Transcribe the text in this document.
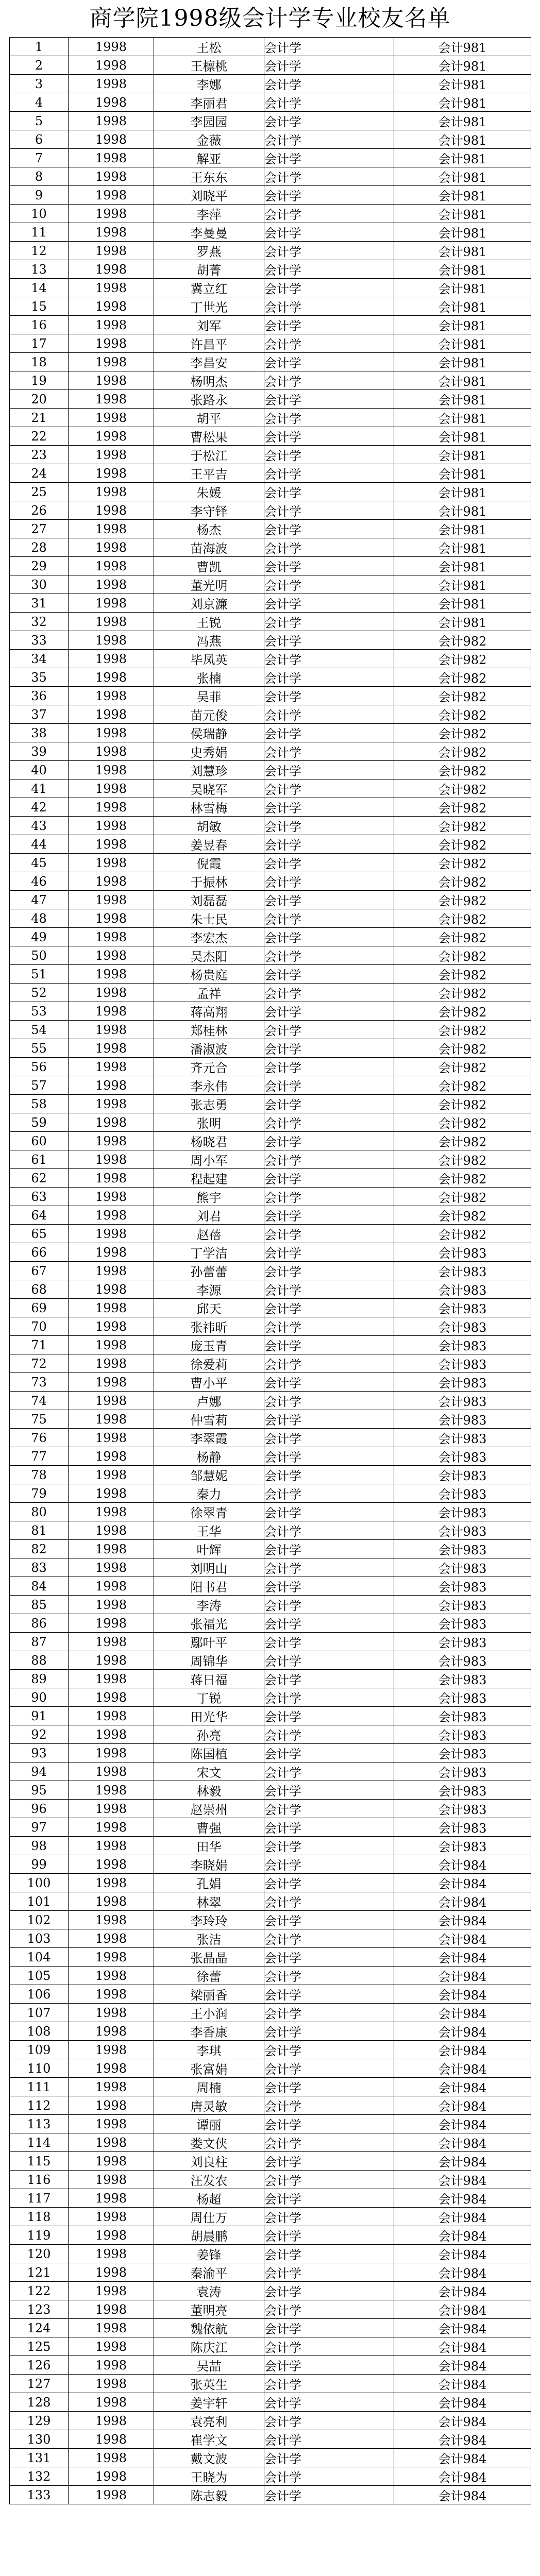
商学院1998级会计学专业校友名单
1	1998	王松	会计学	会计981
2	1998	王檩桃	会计学	会计981
3	1998	李娜	会计学	会计981
4	1998	李丽君	会计学	会计981
5	1998	李园园	会计学	会计981
6	1998	金薇	会计学	会计981
7	1998	解亚	会计学	会计981
8	1998	王东东	会计学	会计981
9	1998	刘晓平	会计学	会计981
10	1998	李萍	会计学	会计981
11	1998	李曼曼	会计学	会计981
12	1998	罗燕	会计学	会计981
13	1998	胡菁	会计学	会计981
14	1998	冀立红	会计学	会计981
15	1998	丁世光	会计学	会计981
16	1998	刘军	会计学	会计981
17	1998	许昌平	会计学	会计981
18	1998	李昌安	会计学	会计981
19	1998	杨明杰	会计学	会计981
20	1998	张路永	会计学	会计981
21	1998	胡平	会计学	会计981
22	1998	曹松果	会计学	会计981
23	1998	于松江	会计学	会计981
24	1998	王平吉	会计学	会计981
25	1998	朱媛	会计学	会计981
26	1998	李守铎	会计学	会计981
27	1998	杨杰	会计学	会计981
28	1998	苗海波	会计学	会计981
29	1998	曹凯	会计学	会计981
30	1998	董光明	会计学	会计981
31	1998	刘京濂	会计学	会计981
32	1998	王锐	会计学	会计981
33	1998	冯燕	会计学	会计982
34	1998	毕凤英	会计学	会计982
35	1998	张楠	会计学	会计982
36	1998	吴菲	会计学	会计982
37	1998	苗元俊	会计学	会计982
38	1998	侯瑞静	会计学	会计982
39	1998	史秀娟	会计学	会计982
40	1998	刘慧珍	会计学	会计982
41	1998	吴晓军	会计学	会计982
42	1998	林雪梅	会计学	会计982
43	1998	胡敏	会计学	会计982
44	1998	姜昱春	会计学	会计982
45	1998	倪霞	会计学	会计982
46	1998	于振林	会计学	会计982
47	1998	刘磊磊	会计学	会计982
48	1998	朱士民	会计学	会计982
49	1998	李宏杰	会计学	会计982
50	1998	吴杰阳	会计学	会计982
51	1998	杨贵庭	会计学	会计982
52	1998	孟祥	会计学	会计982
53	1998	蒋高翔	会计学	会计982
54	1998	郑桂林	会计学	会计982
55	1998	潘淑波	会计学	会计982
56	1998	齐元合	会计学	会计982
57	1998	李永伟	会计学	会计982
58	1998	张志勇	会计学	会计982
59	1998	张明	会计学	会计982
60	1998	杨晓君	会计学	会计982
61	1998	周小军	会计学	会计982
62	1998	程起建	会计学	会计982
63	1998	熊宇	会计学	会计982
64	1998	刘君	会计学	会计982
65	1998	赵蓓	会计学	会计982
66	1998	丁学洁	会计学	会计983
67	1998	孙蕾蕾	会计学	会计983
68	1998	李源	会计学	会计983
69	1998	邱天	会计学	会计983
70	1998	张祎昕	会计学	会计983
71	1998	庞玉青	会计学	会计983
72	1998	徐爱莉	会计学	会计983
73	1998	曹小平	会计学	会计983
74	1998	卢娜	会计学	会计983
75	1998	仲雪莉	会计学	会计983
76	1998	李翠霞	会计学	会计983
77	1998	杨静	会计学	会计983
78	1998	邹慧妮	会计学	会计983
79	1998	秦力	会计学	会计983
80	1998	徐翠青	会计学	会计983
81	1998	王华	会计学	会计983
82	1998	叶辉	会计学	会计983
83	1998	刘明山	会计学	会计983
84	1998	阳书君	会计学	会计983
85	1998	李涛	会计学	会计983
86	1998	张福光	会计学	会计983
87	1998	鄢叶平	会计学	会计983
88	1998	周锦华	会计学	会计983
89	1998	蒋日福	会计学	会计983
90	1998	丁锐	会计学	会计983
91	1998	田光华	会计学	会计983
92	1998	孙亮	会计学	会计983
93	1998	陈国植	会计学	会计983
94	1998	宋文	会计学	会计983
95	1998	林毅	会计学	会计983
96	1998	赵崇州	会计学	会计983
97	1998	曹强	会计学	会计983
98	1998	田华	会计学	会计983
99	1998	李晓娟	会计学	会计984
100	1998	孔娟	会计学	会计984
101	1998	林翠	会计学	会计984
102	1998	李玲玲	会计学	会计984
103	1998	张洁	会计学	会计984
104	1998	张晶晶	会计学	会计984
105	1998	徐蕾	会计学	会计984
106	1998	梁丽香	会计学	会计984
107	1998	王小润	会计学	会计984
108	1998	李香康	会计学	会计984
109	1998	李琪	会计学	会计984
110	1998	张富娟	会计学	会计984
111	1998	周楠	会计学	会计984
112	1998	唐灵敏	会计学	会计984
113	1998	谭丽	会计学	会计984
114	1998	娄文侠	会计学	会计984
115	1998	刘良柱	会计学	会计984
116	1998	汪发农	会计学	会计984
117	1998	杨超	会计学	会计984
118	1998	周仕万	会计学	会计984
119	1998	胡晨鹏	会计学	会计984
120	1998	姜锋	会计学	会计984
121	1998	秦渝平	会计学	会计984
122	1998	袁涛	会计学	会计984
123	1998	董明亮	会计学	会计984
124	1998	魏依航	会计学	会计984
125	1998	陈庆江	会计学	会计984
126	1998	吴喆	会计学	会计984
127	1998	张英生	会计学	会计984
128	1998	姜宇轩	会计学	会计984
129	1998	袁亮利	会计学	会计984
130	1998	崔学文	会计学	会计984
131	1998	戴文波	会计学	会计984
132	1998	王晓为	会计学	会计984
133	1998	陈志毅	会计学	会计984
